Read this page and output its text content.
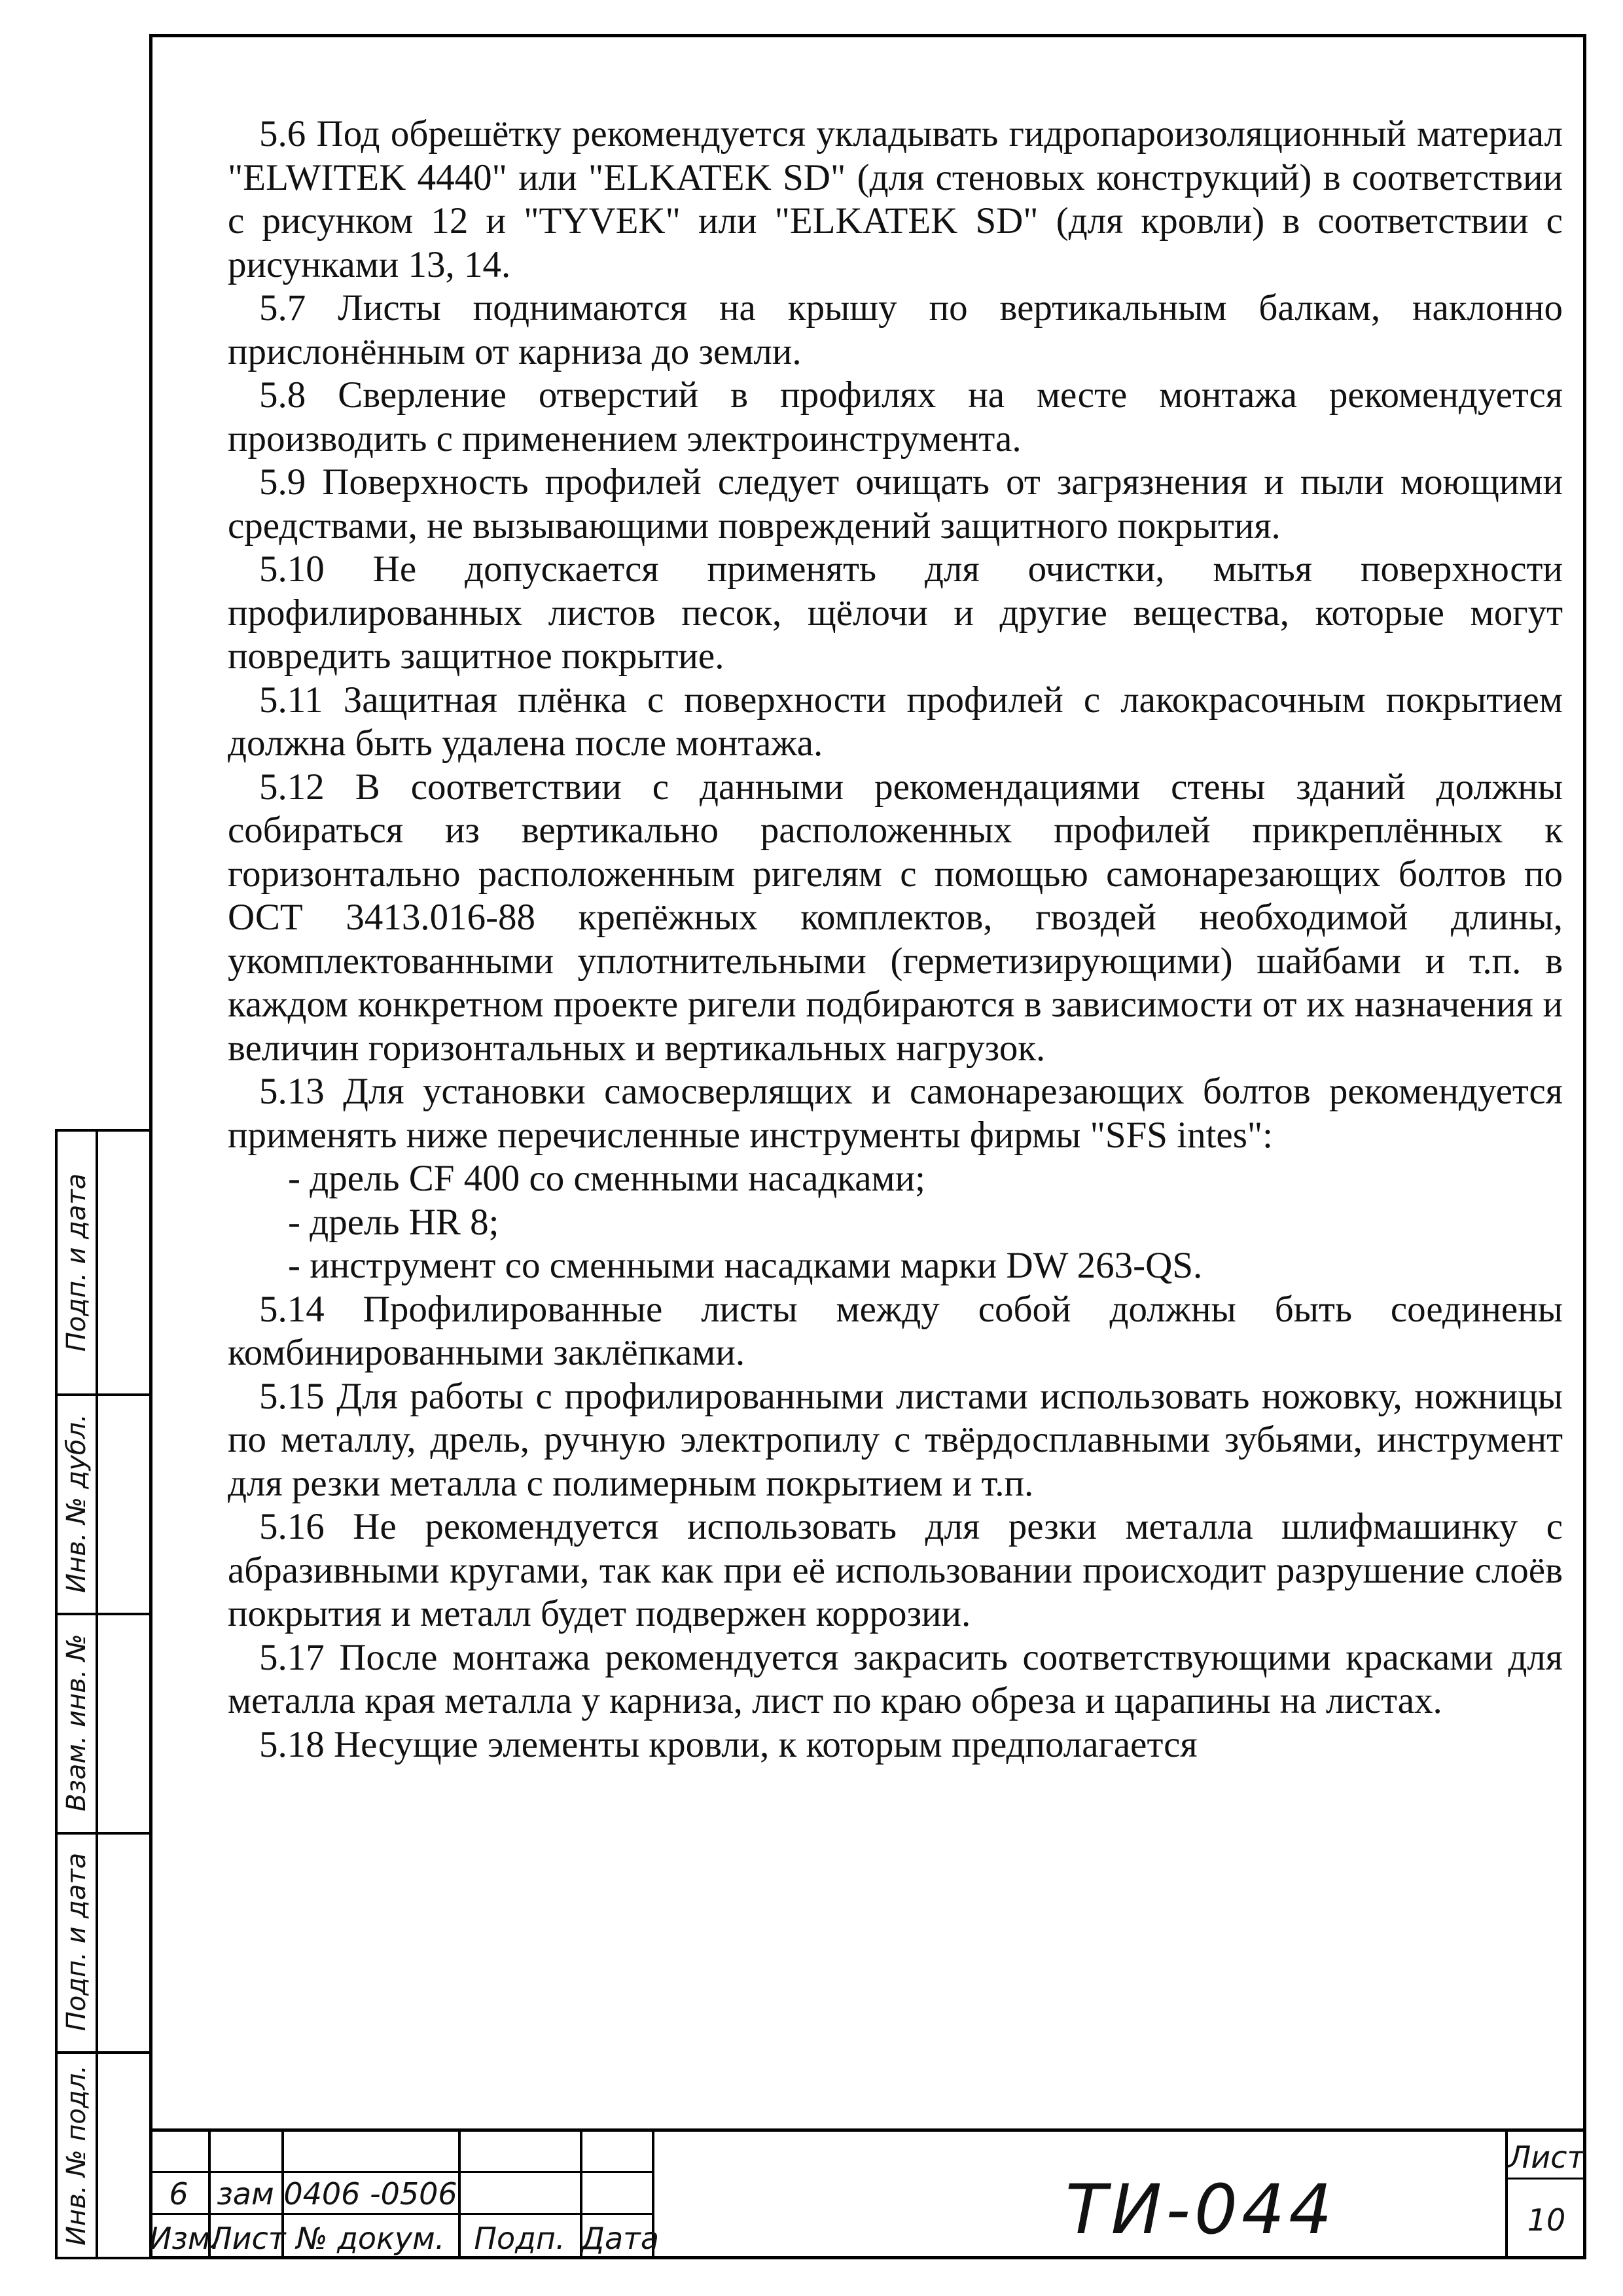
5.6 Под обрешётку рекомендуется укладывать гидропароизоляционный материал "ELWITEK 4440" или "ELKATEK SD" (для стеновых конструкций) в соответствии с рисунком 12 и "TYVEK" или "ELKATEK SD" (для кровли) в соответствии с рисунками 13, 14.

5.7 Листы поднимаются на крышу по вертикальным балкам, наклонно прислонённым от карниза до земли.

5.8 Сверление отверстий в профилях на месте монтажа рекомендуется производить с применением электроинструмента.

5.9 Поверхность профилей следует очищать от загрязнения и пыли моющими средствами, не вызывающими повреждений защитного покрытия.

5.10 Не допускается применять для очистки, мытья поверхности профилированных листов песок, щёлочи и другие вещества, которые могут повредить защитное покрытие.

5.11 Защитная плёнка с поверхности профилей с лакокрасочным покрытием должна быть удалена после монтажа.

5.12 В соответствии с данными рекомендациями стены зданий должны собираться из вертикально расположенных профилей прикреплённых к горизонтально расположенным ригелям с помощью самонарезающих болтов по ОСТ 3413.016-88 крепёжных комплектов, гвоздей необходимой длины, укомплектованными уплотнительными (герметизирующими) шайбами и т.п. в каждом конкретном проекте ригели подбираются в зависимости от их назначения и величин горизонтальных и вертикальных нагрузок.

5.13 Для установки самосверлящих и самонарезающих болтов рекомендуется применять ниже перечисленные инструменты фирмы "SFS intes":

- дрель CF 400 со сменными насадками;

- дрель HR 8;

- инструмент со сменными насадками марки DW 263-QS.

5.14 Профилированные листы между собой должны быть соединены комбинированными заклёпками.

5.15 Для работы с профилированными листами использовать ножовку, ножницы по металлу, дрель, ручную электропилу с твёрдосплавными зубьями, инструмент для резки металла с полимерным покрытием и т.п.

5.16 Не рекомендуется использовать для резки металла шлифмашинку с абразивными кругами, так как при её использовании происходит разрушение слоёв покрытия и металл будет подвержен коррозии.

5.17 После монтажа рекомендуется закрасить соответствующими красками для металла края металла у карниза, лист по краю обреза и царапины на листах.

5.18 Несущие элементы кровли, к которым предполагается

Подп. и дата
Инв. № дубл.
Взам. инв. №
Подп. и дата
Инв. № подл.	6 зам 0406 -0506
Изм.
Лист № докум. Подп. Дата	ТИ-044
Лист
10
